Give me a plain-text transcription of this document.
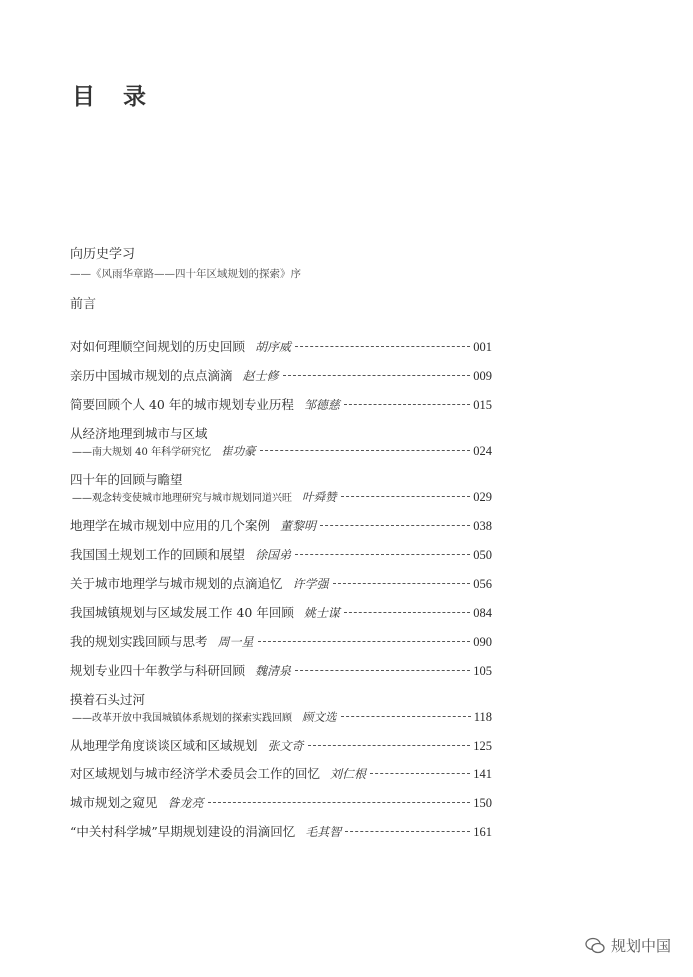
目 录
向历史学习
——《风雨华章路——四十年区域规划的探索》序
前言
对如何理顺空间规划的历史回顾 胡序威	001
亲历中国城市规划的点点滴滴 赵士修	009
简要回顾个人 40 年的城市规划专业历程 邹德慈	015
从经济地理到城市与区域
——南大规划 40 年科学研究忆 崔功豪	024
四十年的回顾与瞻望
——观念转变使城市地理研究与城市规划同道兴旺 叶舜赞	029
地理学在城市规划中应用的几个案例 董黎明	038
我国国土规划工作的回顾和展望 徐国弟	050
关于城市地理学与城市规划的点滴追忆 许学强	056
我国城镇规划与区域发展工作 40 年回顾 姚士谋	084
我的规划实践回顾与思考 周一星	090
规划专业四十年教学与科研回顾 魏清泉	105
摸着石头过河
——改革开放中我国城镇体系规划的探索实践回顾 顾文选	118
从地理学角度谈谈区域和区域规划 张文奇	125
对区域规划与城市经济学术委员会工作的回忆 刘仁根	141
城市规划之窥见 昝龙亮	150
“中关村科学城”早期规划建设的涓滴回忆 毛其智	161
规划中国
